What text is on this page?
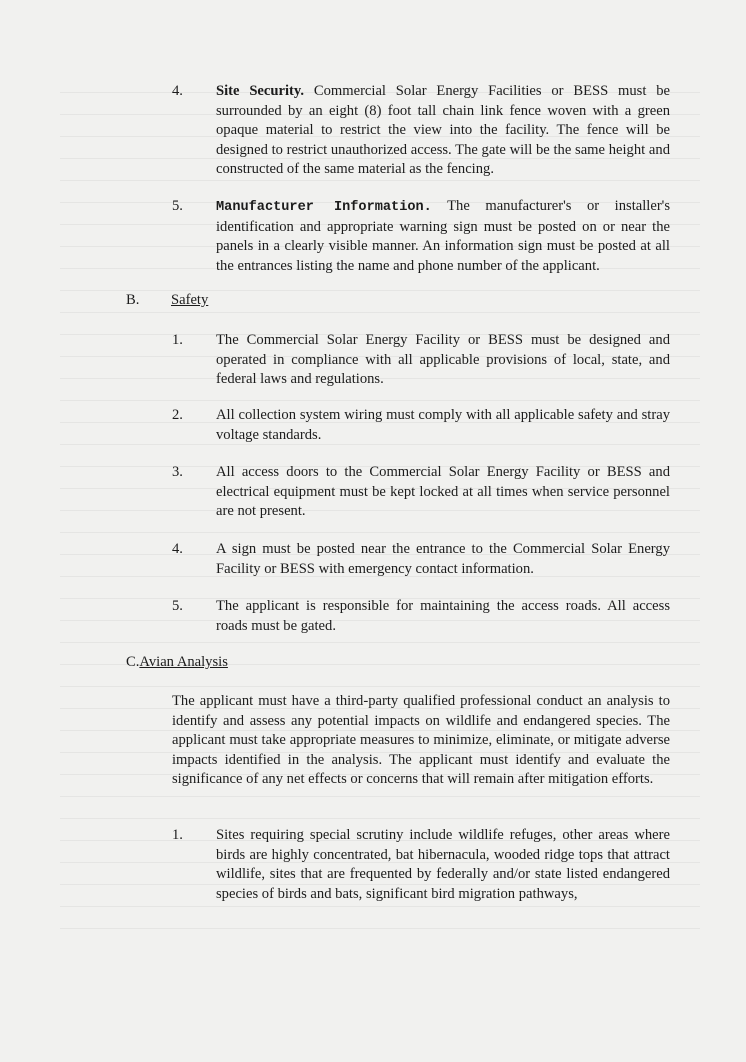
4. Site Security. Commercial Solar Energy Facilities or BESS must be surrounded by an eight (8) foot tall chain link fence woven with a green opaque material to restrict the view into the facility. The fence will be designed to restrict unauthorized access. The gate will be the same height and constructed of the same material as the fencing.
5. Manufacturer Information. The manufacturer's or installer's identification and appropriate warning sign must be posted on or near the panels in a clearly visible manner. An information sign must be posted at all the entrances listing the name and phone number of the applicant.
B. Safety
1. The Commercial Solar Energy Facility or BESS must be designed and operated in compliance with all applicable provisions of local, state, and federal laws and regulations.
2. All collection system wiring must comply with all applicable safety and stray voltage standards.
3. All access doors to the Commercial Solar Energy Facility or BESS and electrical equipment must be kept locked at all times when service personnel are not present.
4. A sign must be posted near the entrance to the Commercial Solar Energy Facility or BESS with emergency contact information.
5. The applicant is responsible for maintaining the access roads. All access roads must be gated.
C.Avian Analysis
The applicant must have a third-party qualified professional conduct an analysis to identify and assess any potential impacts on wildlife and endangered species. The applicant must take appropriate measures to minimize, eliminate, or mitigate adverse impacts identified in the analysis. The applicant must identify and evaluate the significance of any net effects or concerns that will remain after mitigation efforts.
1. Sites requiring special scrutiny include wildlife refuges, other areas where birds are highly concentrated, bat hibernacula, wooded ridge tops that attract wildlife, sites that are frequented by federally and/or state listed endangered species of birds and bats, significant bird migration pathways,
